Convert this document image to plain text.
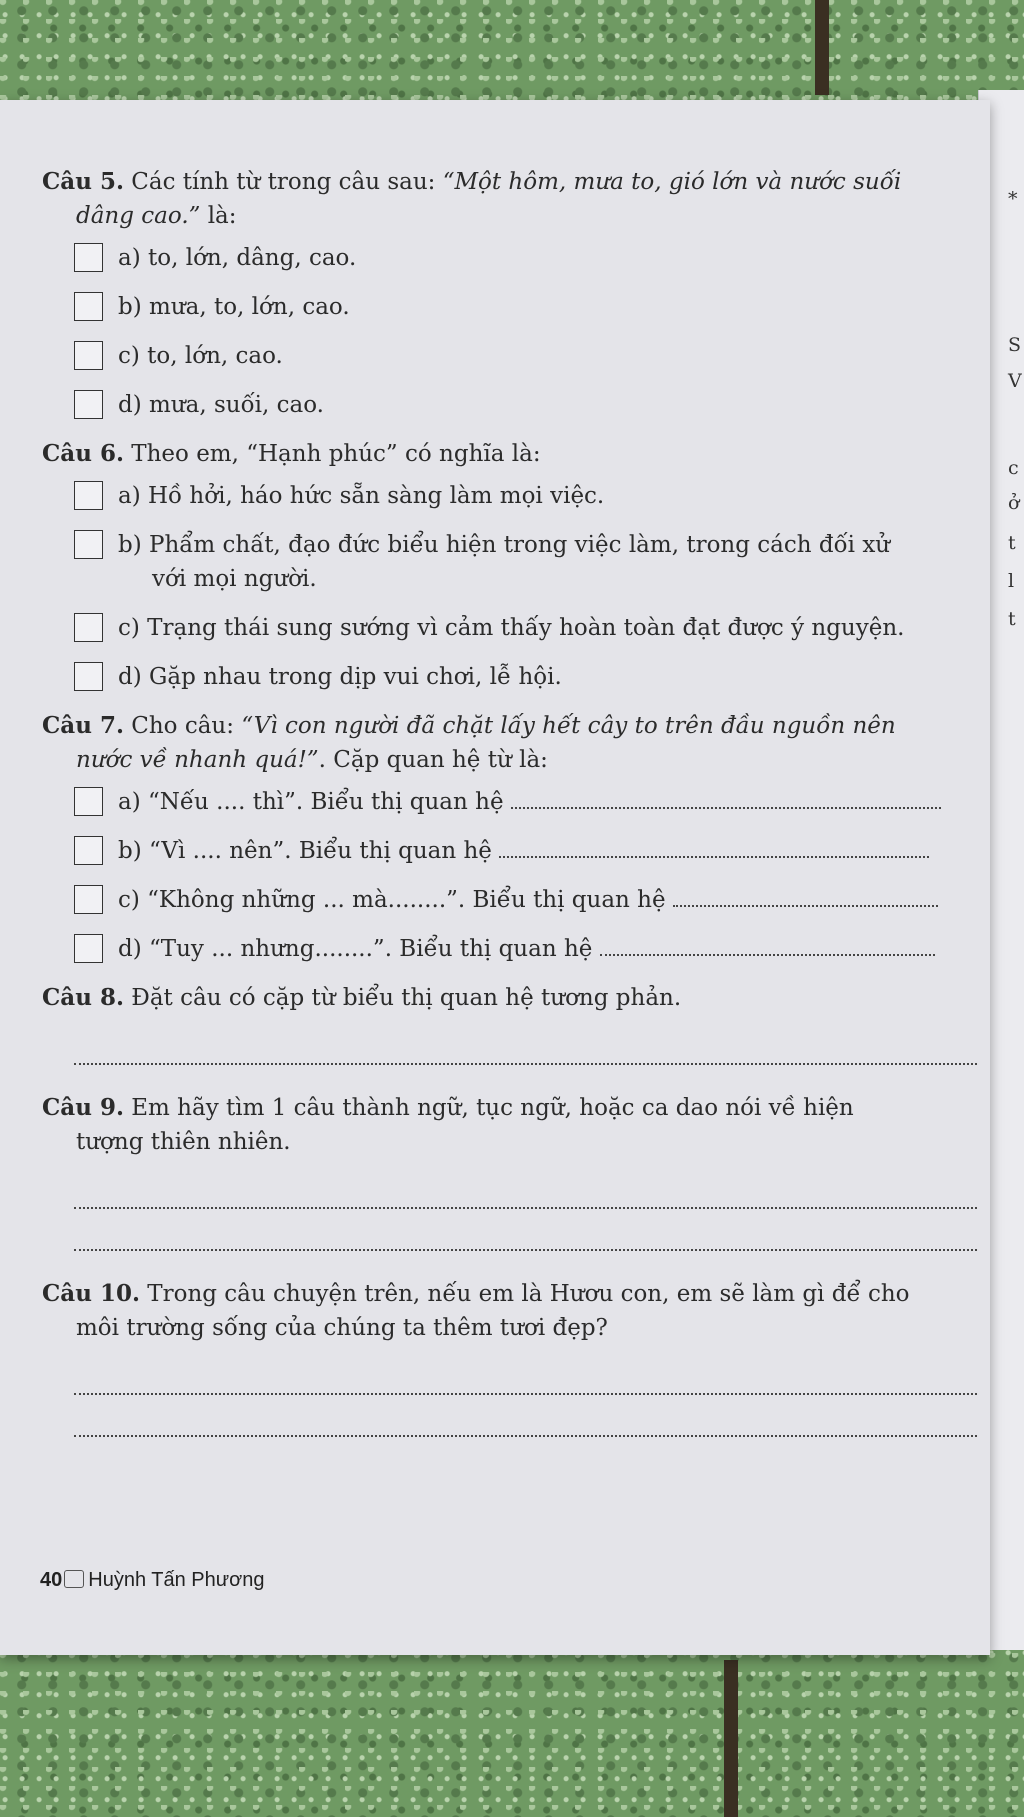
*
S
V
c
ở
t
l
t
Câu 5. Các tính từ trong câu sau: “Một hôm, mưa to, gió lớn và nước suối
dâng cao.” là:
a) to, lớn, dâng, cao.
b) mưa, to, lớn, cao.
c) to, lớn, cao.
d) mưa, suối, cao.
Câu 6. Theo em, “Hạnh phúc” có nghĩa là:
a) Hồ hởi, háo hức sẵn sàng làm mọi việc.
b) Phẩm chất, đạo đức biểu hiện trong việc làm, trong cách đối xử
với mọi người.
c) Trạng thái sung sướng vì cảm thấy hoàn toàn đạt được ý nguyện.
d) Gặp nhau trong dịp vui chơi, lễ hội.
Câu 7. Cho câu: “Vì con người đã chặt lấy hết cây to trên đầu nguồn nên
nước về nhanh quá!”. Cặp quan hệ từ là:
a) “Nếu .... thì”. Biểu thị quan hệ
b) “Vì .... nên”. Biểu thị quan hệ
c) “Không những ... mà........”. Biểu thị quan hệ
d) “Tuy ... nhưng........”. Biểu thị quan hệ
Câu 8. Đặt câu có cặp từ biểu thị quan hệ tương phản.
Câu 9. Em hãy tìm 1 câu thành ngữ, tục ngữ, hoặc ca dao nói về hiện
tượng thiên nhiên.
Câu 10. Trong câu chuyện trên, nếu em là Hươu con, em sẽ làm gì để cho
môi trường sống của chúng ta thêm tươi đẹp?
40 Huỳnh Tấn Phương
